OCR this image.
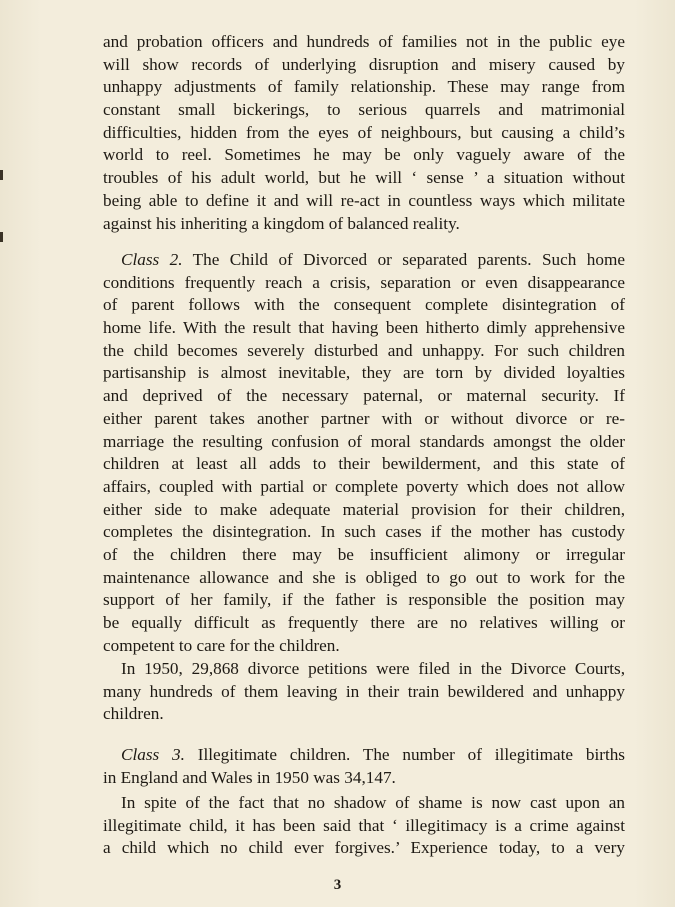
and probation officers and hundreds of families not in the public eye
will show records of underlying disruption and misery caused by
unhappy adjustments of family relationship. These may range from
constant small bickerings, to serious quarrels and matrimonial
difficulties, hidden from the eyes of neighbours, but causing a child’s
world to reel. Sometimes he may be only vaguely aware of the
troubles of his adult world, but he will ‘ sense ’ a situation without
being able to define it and will re-act in countless ways which militate
against his inheriting a kingdom of balanced reality.
Class 2. The Child of Divorced or separated parents. Such home
conditions frequently reach a crisis, separation or even disappearance
of parent follows with the consequent complete disintegration of
home life. With the result that having been hitherto dimly apprehensive
the child becomes severely disturbed and unhappy. For such children
partisanship is almost inevitable, they are torn by divided loyalties
and deprived of the necessary paternal, or maternal security. If
either parent takes another partner with or without divorce or re-
marriage the resulting confusion of moral standards amongst the older
children at least all adds to their bewilderment, and this state of
affairs, coupled with partial or complete poverty which does not allow
either side to make adequate material provision for their children,
completes the disintegration. In such cases if the mother has custody
of the children there may be insufficient alimony or irregular
maintenance allowance and she is obliged to go out to work for the
support of her family, if the father is responsible the position may
be equally difficult as frequently there are no relatives willing or
competent to care for the children.
In 1950, 29,868 divorce petitions were filed in the Divorce Courts,
many hundreds of them leaving in their train bewildered and unhappy
children.
Class 3. Illegitimate children. The number of illegitimate births
in England and Wales in 1950 was 34,147.
In spite of the fact that no shadow of shame is now cast upon an
illegitimate child, it has been said that ‘ illegitimacy is a crime against
a child which no child ever forgives.’ Experience today, to a very
3
